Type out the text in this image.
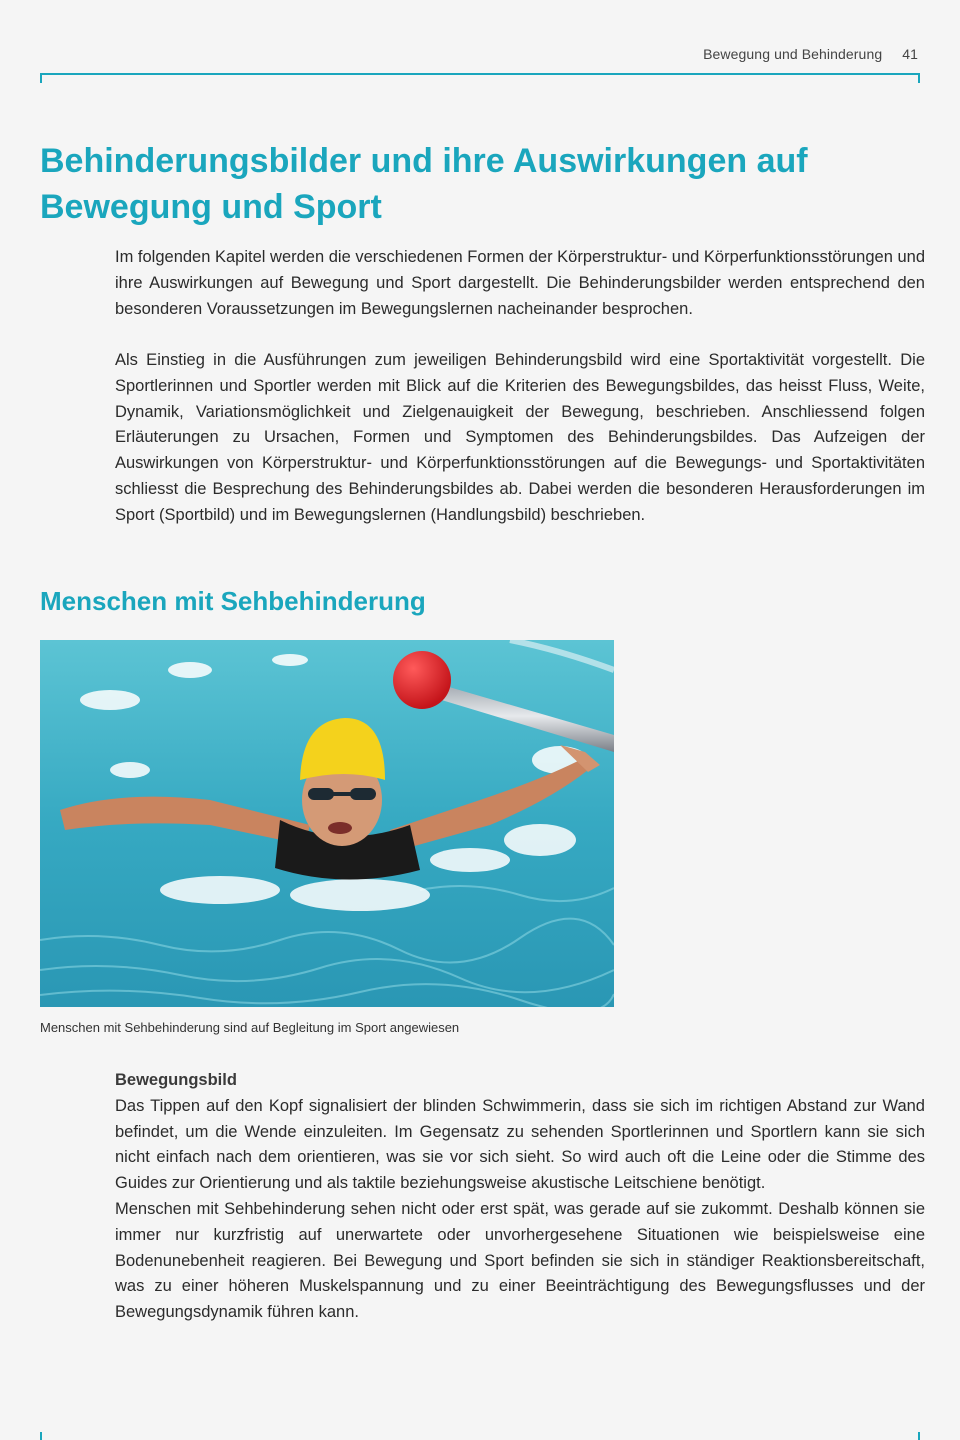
Bewegung und Behinderung 41
Behinderungsbilder und ihre Auswirkungen auf Bewegung und Sport

Im folgenden Kapitel werden die verschiedenen Formen der Körperstruktur- und Körperfunktionsstörungen und ihre Auswirkungen auf Bewegung und Sport dargestellt. Die Behinderungsbilder werden entsprechend den besonderen Voraussetzungen im Bewegungslernen nacheinander besprochen.

Als Einstieg in die Ausführungen zum jeweiligen Behinderungsbild wird eine Sportaktivität vorgestellt. Die Sportlerinnen und Sportler werden mit Blick auf die Kriterien des Bewegungsbildes, das heisst Fluss, Weite, Dynamik, Variationsmöglichkeit und Zielgenauigkeit der Bewegung, beschrieben. Anschliessend folgen Erläuterungen zu Ursachen, Formen und Symptomen des Behinderungsbildes. Das Aufzeigen der Auswirkungen von Körperstruktur- und Körperfunktionsstörungen auf die Bewegungs- und Sportaktivitäten schliesst die Besprechung des Behinderungsbildes ab. Dabei werden die besonderen Herausforderungen im Sport (Sportbild) und im Bewegungslernen (Handlungsbild) beschrieben.

Menschen mit Sehbehinderung

Menschen mit Sehbehinderung sind auf Begleitung im Sport angewiesen

Bewegungsbild

Das Tippen auf den Kopf signalisiert der blinden Schwimmerin, dass sie sich im richtigen Abstand zur Wand befindet, um die Wende einzuleiten. Im Gegensatz zu sehenden Sportlerinnen und Sportlern kann sie sich nicht einfach nach dem orientieren, was sie vor sich sieht. So wird auch oft die Leine oder die Stimme des Guides zur Orientierung und als taktile beziehungsweise akustische Leitschiene benötigt.

Menschen mit Sehbehinderung sehen nicht oder erst spät, was gerade auf sie zukommt. Deshalb können sie immer nur kurzfristig auf unerwartete oder unvorhergesehene Situationen wie beispielsweise eine Bodenunebenheit reagieren. Bei Bewegung und Sport befinden sie sich in ständiger Reaktionsbereitschaft, was zu einer höheren Muskelspannung und zu einer Beeinträchtigung des Bewegungsflusses und der Bewegungsdynamik führen kann.
